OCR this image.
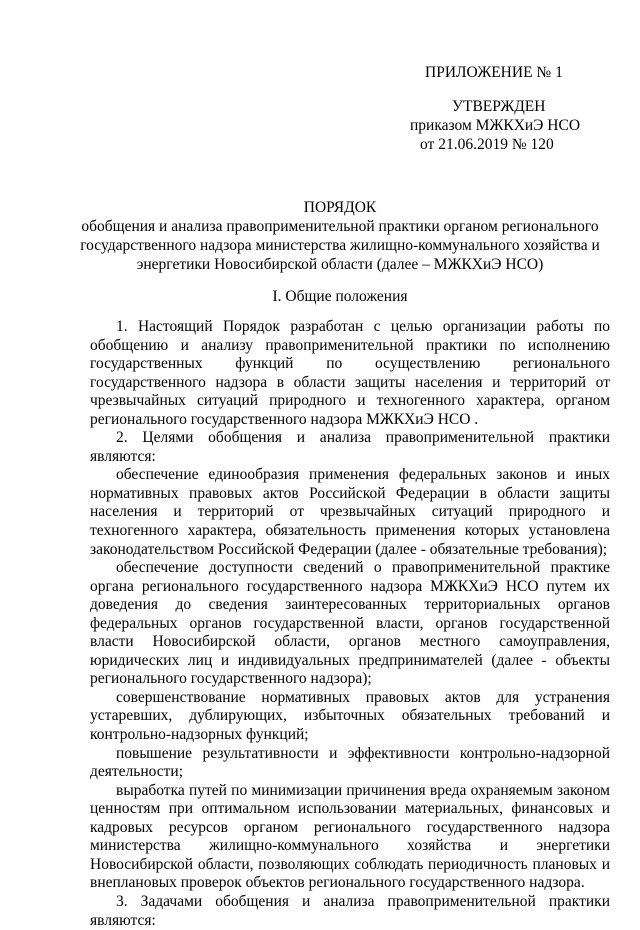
ПРИЛОЖЕНИЕ № 1
УТВЕРЖДЕН
приказом МЖКХиЭ НСО
от 21.06.2019 № 120
ПОРЯДОК
обобщения и анализа правоприменительной практики органом регионального
государственного надзора министерства жилищно-коммунального хозяйства и
энергетики Новосибирской области (далее – МЖКХиЭ НСО)
I. Общие положения

1. Настоящий Порядок разработан с целью организации работы по обобщению и анализу правоприменительной практики по исполнению государственных функций по осуществлению регионального государственного надзора в области защиты населения и территорий от чрезвычайных ситуаций природного и техногенного характера, органом регионального государственного надзора МЖКХиЭ НСО .

2. Целями обобщения и анализа правоприменительной практики являются:

обеспечение единообразия применения федеральных законов и иных нормативных правовых актов Российской Федерации в области защиты населения и территорий от чрезвычайных ситуаций природного и техногенного характера, обязательность применения которых установлена законодательством Российской Федерации (далее - обязательные требования);

обеспечение доступности сведений о правоприменительной практике органа регионального государственного надзора МЖКХиЭ НСО путем их доведения до сведения заинтересованных территориальных органов федеральных органов государственной власти, органов государственной власти Новосибирской области, органов местного самоуправления, юридических лиц и индивидуальных предпринимателей (далее - объекты регионального государственного надзора);

совершенствование нормативных правовых актов для устранения устаревших, дублирующих, избыточных обязательных требований и контрольно-надзорных функций;

повышение результативности и эффективности контрольно-надзорной деятельности;

выработка путей по минимизации причинения вреда охраняемым законом ценностям при оптимальном использовании материальных, финансовых и кадровых ресурсов органом регионального государственного надзора министерства жилищно-коммунального хозяйства и энергетики Новосибирской области, позволяющих соблюдать периодичность плановых и внеплановых проверок объектов регионального государственного надзора.

3. Задачами обобщения и анализа правоприменительной практики являются:
